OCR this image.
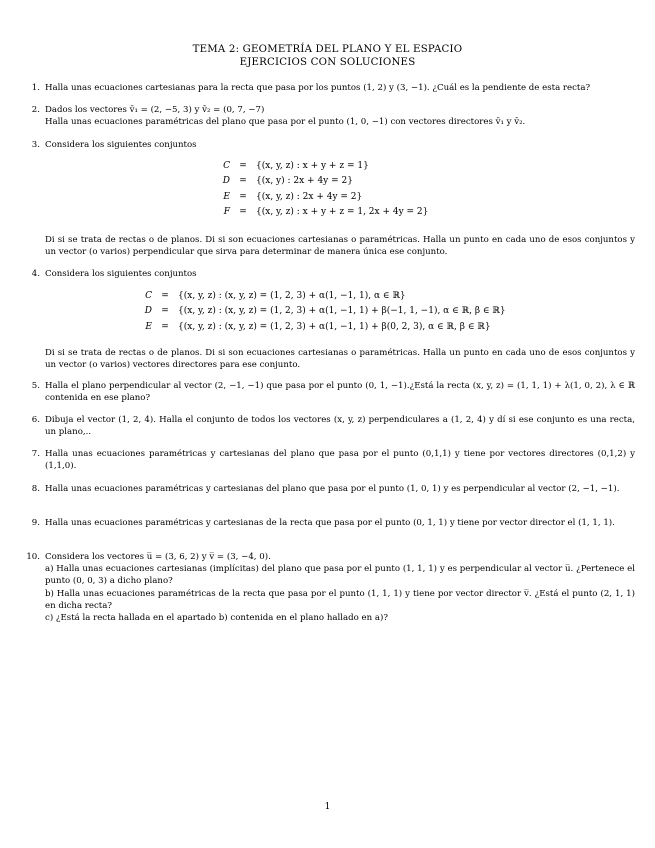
TEMA 2: GEOMETRÍA DEL PLANO Y EL ESPACIO
EJERCICIOS CON SOLUCIONES
1. Halla unas ecuaciones cartesianas para la recta que pasa por los puntos (1, 2) y (3, −1). ¿Cuál es la pendiente de esta recta?

2. Dados los vectores v̄₁ = (2, −5, 3) y v̄₂ = (0, 7, −7)

Halla unas ecuaciones paramétricas del plano que pasa por el punto (1, 0, −1) con vectores directores v̄₁ y v̄₂.

3. Considera los siguientes conjuntos

C	=	{(x, y, z) : x + y + z = 1}
D	=	{(x, y) : 2x + 4y = 2}
E	=	{(x, y, z) : 2x + 4y = 2}
F	=	{(x, y, z) : x + y + z = 1, 2x + 4y = 2}

Di si se trata de rectas o de planos. Di si son ecuaciones cartesianas o paramétricas. Halla un punto en cada uno de esos conjuntos y un vector (o varios) perpendicular que sirva para determinar de manera única ese conjunto.

4. Considera los siguientes conjuntos

C	=	{(x, y, z) : (x, y, z) = (1, 2, 3) + α(1, −1, 1), α ∈ ℝ}
D	=	{(x, y, z) : (x, y, z) = (1, 2, 3) + α(1, −1, 1) + β(−1, 1, −1), α ∈ ℝ, β ∈ ℝ}
E	=	{(x, y, z) : (x, y, z) = (1, 2, 3) + α(1, −1, 1) + β(0, 2, 3), α ∈ ℝ, β ∈ ℝ}

Di si se trata de rectas o de planos. Di si son ecuaciones cartesianas o paramétricas. Halla un punto en cada uno de esos conjuntos y un vector (o varios) vectores directores para ese conjunto.

5. Halla el plano perpendicular al vector (2, −1, −1) que pasa por el punto (0, 1, −1).¿Está la recta (x, y, z) = (1, 1, 1) + λ(1, 0, 2), λ ∈ ℝ contenida en ese plano?

6. Dibuja el vector (1, 2, 4). Halla el conjunto de todos los vectores (x, y, z) perpendiculares a (1, 2, 4) y dí si ese conjunto es una recta, un plano,..

7. Halla unas ecuaciones paramétricas y cartesianas del plano que pasa por el punto (0,1,1) y tiene por vectores directores (0,1,2) y (1,1,0).

8. Halla unas ecuaciones paramétricas y cartesianas del plano que pasa por el punto (1, 0, 1) y es perpendicular al vector (2, −1, −1).

9. Halla unas ecuaciones paramétricas y cartesianas de la recta que pasa por el punto (0, 1, 1) y tiene por vector director el (1, 1, 1).

10. Considera los vectores u̅ = (3, 6, 2) y v̅ = (3, −4, 0).

a) Halla unas ecuaciones cartesianas (implícitas) del plano que pasa por el punto (1, 1, 1) y es perpendicular al vector u̅. ¿Pertenece el punto (0, 0, 3) a dicho plano?

b) Halla unas ecuaciones paramétricas de la recta que pasa por el punto (1, 1, 1) y tiene por vector director v̅. ¿Está el punto (2, 1, 1) en dicha recta?

c) ¿Está la recta hallada en el apartado b) contenida en el plano hallado en a)?

1
